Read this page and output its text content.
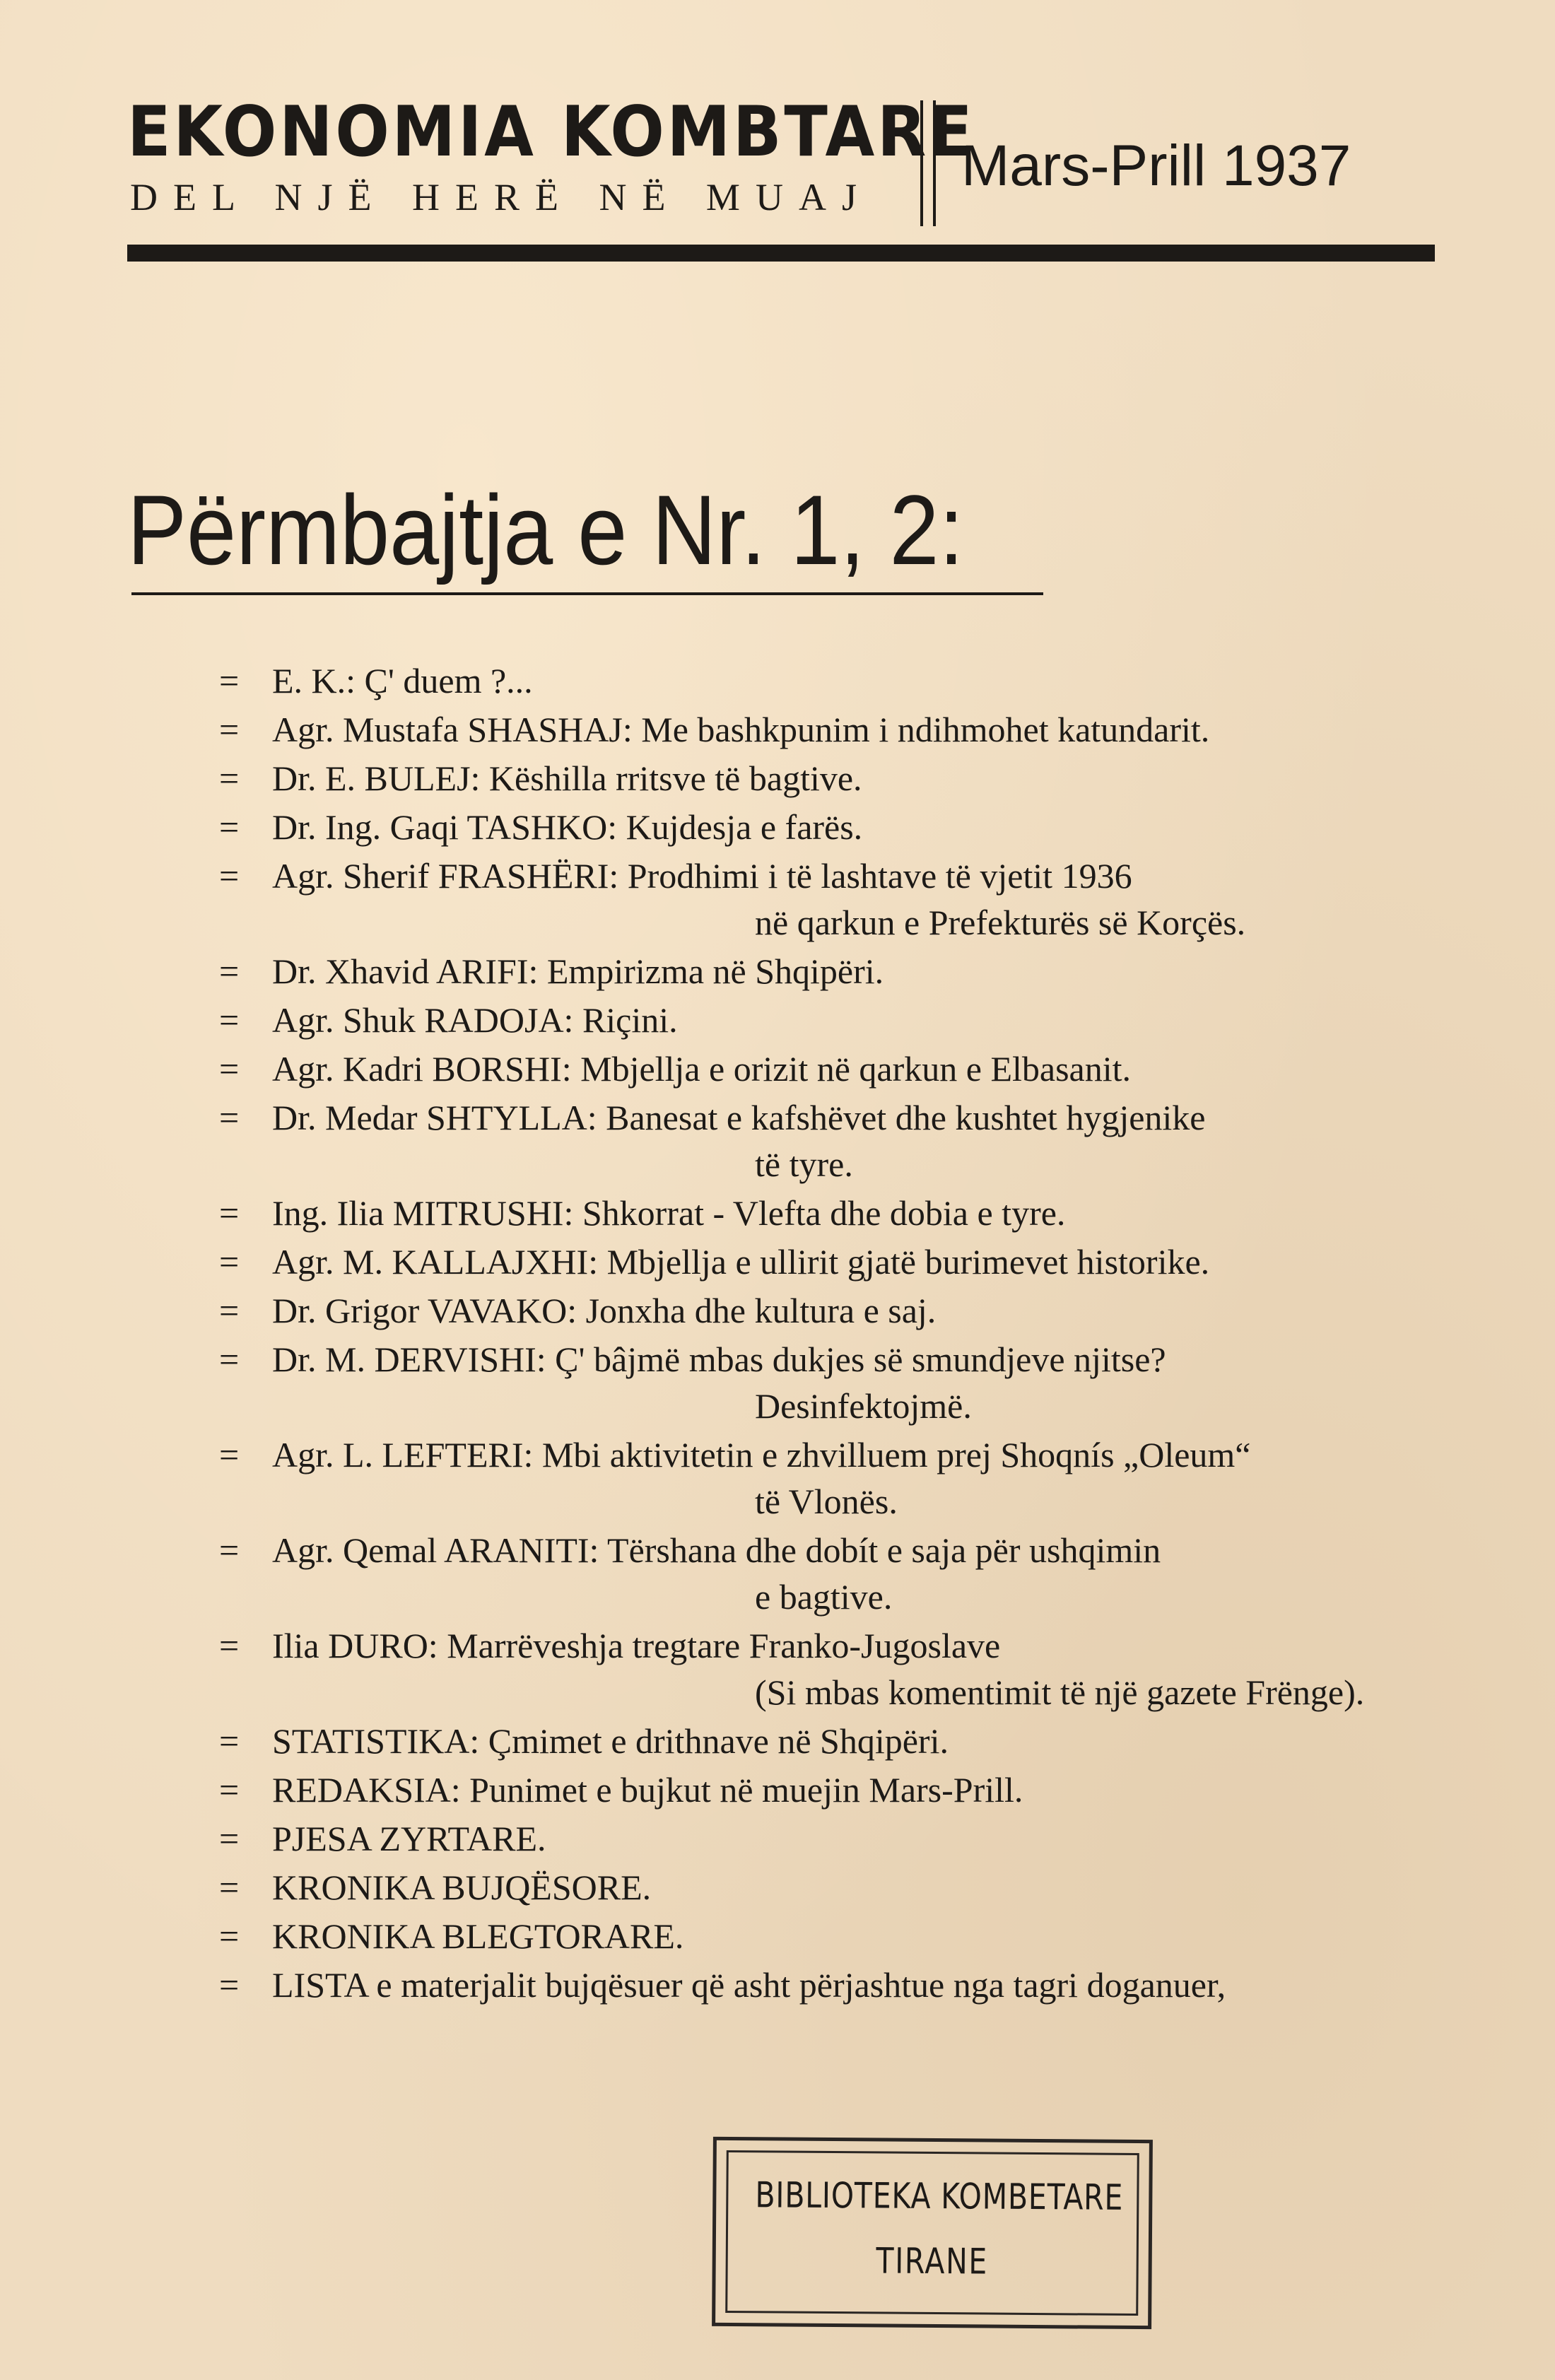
EKONOMIA KOMBTARE
DEL NJË HERË NË MUAJ Mars-Prill 1937
Përmbajtja e Nr. 1, 2:
= E. K.: Ç' duem ?...
= Agr. Mustafa SHASHAJ: Me bashkpunim i ndihmohet katundarit.
= Dr. E. BULEJ: Këshilla rritsve të bagtive.
= Dr. Ing. Gaqi TASHKO: Kujdesja e farës.
= Agr. Sherif FRASHËRI: Prodhimi i të lashtave të vjetit 1936
në qarkun e Prefekturës së Korçës.
= Dr. Xhavid ARIFI: Empirizma në Shqipëri.
= Agr. Shuk RADOJA: Riçini.
= Agr. Kadri BORSHI: Mbjellja e orizit në qarkun e Elbasanit.
= Dr. Medar SHTYLLA: Banesat e kafshëvet dhe kushtet hygjenike
të tyre.
= Ing. Ilia MITRUSHI: Shkorrat - Vlefta dhe dobia e tyre.
= Agr. M. KALLAJXHI: Mbjellja e ullirit gjatë burimevet historike.
= Dr. Grigor VAVAKO: Jonxha dhe kultura e saj.
= Dr. M. DERVISHI: Ç' bâjmë mbas dukjes së smundjeve njitse?
Desinfektojmë.
= Agr. L. LEFTERI: Mbi aktivitetin e zhvilluem prej Shoqnís „Oleum“
të Vlonës.
= Agr. Qemal ARANITI: Tërshana dhe dobít e saja për ushqimin
e bagtive.
= Ilia DURO: Marrëveshja tregtare Franko-Jugoslave
(Si mbas komentimit të një gazete Frënge).
= STATISTIKA: Çmimet e drithnave në Shqipëri.
= REDAKSIA: Punimet e bujkut në muejin Mars-Prill.
= PJESA ZYRTARE.
= KRONIKA BUJQËSORE.
= KRONIKA BLEGTORARE.
= LISTA e materjalit bujqësuer që asht përjashtue nga tagri doganuer,
BIBLIOTEKA KOMBETARE
TIRANE
